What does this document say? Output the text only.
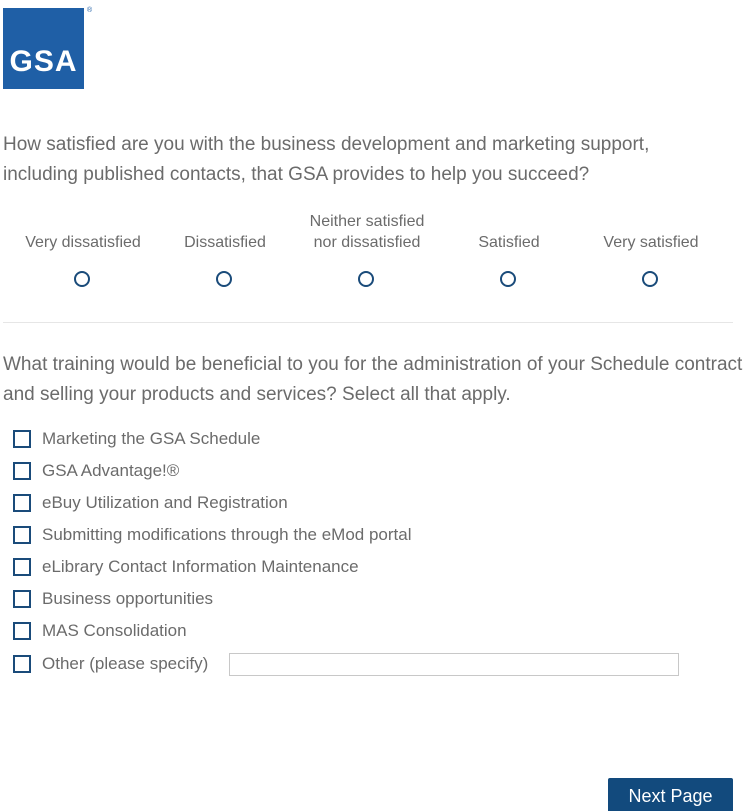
GSA
®
How satisfied are you with the business development and marketing support, including published contacts, that GSA provides to help you succeed?
Very dissatisfied	Dissatisfied
Neither satisfied nor dissatisfied	Satisfied	Very satisfied
What training would be beneficial to you for the administration of your Schedule contract and selling your products and services? Select all that apply.
Marketing the GSA Schedule
GSA Advantage!®
eBuy Utilization and Registration
Submitting modifications through the eMod portal
eLibrary Contact Information Maintenance
Business opportunities
MAS Consolidation
Other (please specify)
Next Page
